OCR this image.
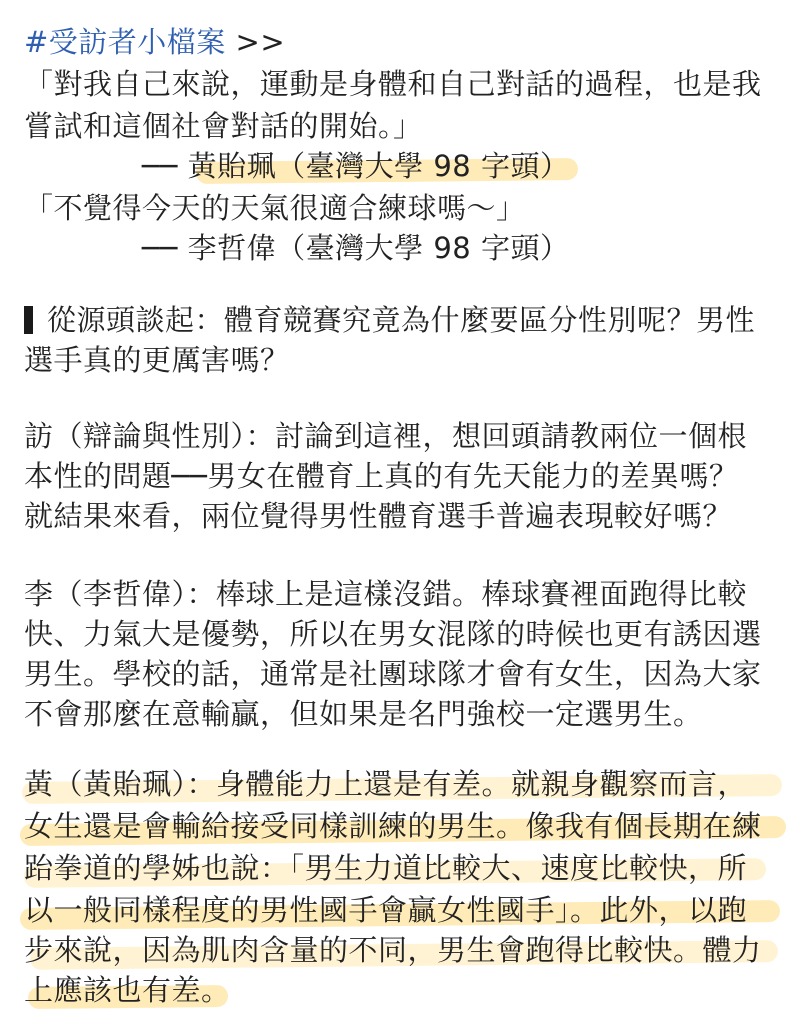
#受訪者小檔案 >>
「對我自己來說，運動是身體和自己對話的過程，也是我
嘗試和這個社會對話的開始。」
── 黃貽珮（臺灣大學 98 字頭）
「不覺得今天的天氣很適合練球嗎～」
── 李哲偉（臺灣大學 98 字頭）
從源頭談起：體育競賽究竟為什麼要區分性別呢？男性
選手真的更厲害嗎？
訪（辯論與性別）：討論到這裡，想回頭請教兩位一個根
本性的問題──男女在體育上真的有先天能力的差異嗎？
就結果來看，兩位覺得男性體育選手普遍表現較好嗎？
李（李哲偉）：棒球上是這樣沒錯。棒球賽裡面跑得比較
快、力氣大是優勢，所以在男女混隊的時候也更有誘因選
男生。學校的話，通常是社團球隊才會有女生，因為大家
不會那麼在意輸贏，但如果是名門強校一定選男生。
黃（黃貽珮）：身體能力上還是有差。就親身觀察而言，
女生還是會輸給接受同樣訓練的男生。像我有個長期在練
跆拳道的學姊也說：「男生力道比較大、速度比較快，所
以一般同樣程度的男性國手會贏女性國手」。此外，以跑
步來說，因為肌肉含量的不同，男生會跑得比較快。體力
上應該也有差。
